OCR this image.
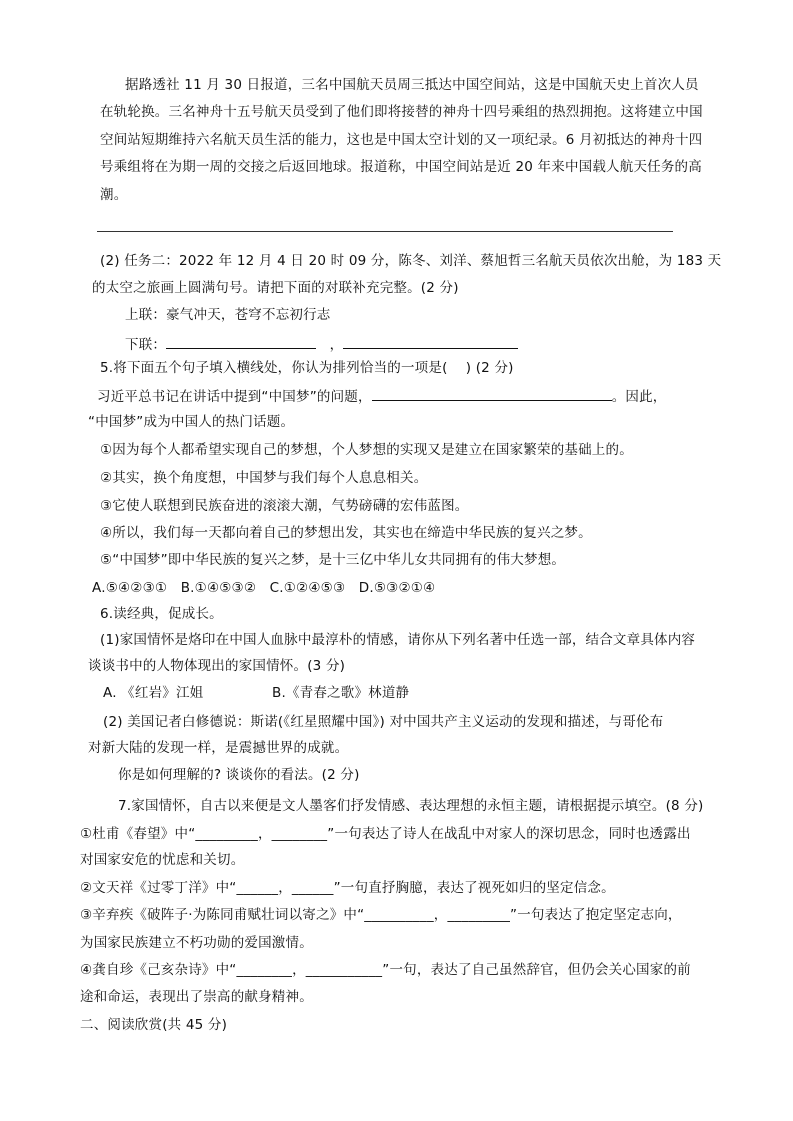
据路透社 11 月 30 日报道，三名中国航天员周三抵达中国空间站，这是中国航天史上首次人员
在轨轮换。三名神舟十五号航天员受到了他们即将接替的神舟十四号乘组的热烈拥抱。这将建立中国
空间站短期维持六名航天员生活的能力，这也是中国太空计划的又一项纪录。6 月初抵达的神舟十四
号乘组将在为期一周的交接之后返回地球。报道称，中国空间站是近 20 年来中国载人航天任务的高
潮。
(2) 任务二：2022 年 12 月 4 日 20 时 09 分，陈冬、刘洋、蔡旭哲三名航天员依次出舱，为 183 天
的太空之旅画上圆满句号。请把下面的对联补充完整。(2 分)
上联：豪气冲天，苍穹不忘初行志
下联：	，
5.将下面五个句子填入横线处，你认为排列恰当的一项是(　 ) (2 分)
习近平总书记在讲话中提到“中国梦”的问题，	。因此，
“中国梦”成为中国人的热门话题。
①因为每个人都希望实现自己的梦想，个人梦想的实现又是建立在国家繁荣的基础上的。
②其实，换个角度想，中国梦与我们每个人息息相关。
③它使人联想到民族奋进的滚滚大潮，气势磅礴的宏伟蓝图。
④所以，我们每一天都向着自己的梦想出发，其实也在缔造中华民族的复兴之梦。
⑤“中国梦”即中华民族的复兴之梦，是十三亿中华儿女共同拥有的伟大梦想。
A.⑤④②③① B.①④⑤③② C.①②④⑤③ D.⑤③②①④
6.读经典，促成长。
(1)家国情怀是烙印在中国人血脉中最淳朴的情感，请你从下列名著中任选一部，结合文章具体内容
谈谈书中的人物体现出的家国情怀。(3 分)
A. 《红岩》江姐	B.《青春之歌》林道静
(2) 美国记者白修德说：斯诺(《红星照耀中国》) 对中国共产主义运动的发现和描述，与哥伦布
对新大陆的发现一样，是震撼世界的成就。
你是如何理解的? 谈谈你的看法。(2 分)
7.家国情怀，自古以来便是文人墨客们抒发情感、表达理想的永恒主题，请根据提示填空。(8 分)
①杜甫《春望》中“_________，________”一句表达了诗人在战乱中对家人的深切思念，同时也透露出
对国家安危的忧虑和关切。
②文天祥《过零丁洋》中“______，______”一句直抒胸臆，表达了视死如归的坚定信念。
③辛弃疾《破阵子·为陈同甫赋壮词以寄之》中“__________，_________”一句表达了抱定坚定志向，
为国家民族建立不朽功勋的爱国激情。
④龚自珍《己亥杂诗》中“________，___________”一句，表达了自己虽然辞官，但仍会关心国家的前
途和命运，表现出了崇高的献身精神。
二、阅读欣赏(共 45 分)
